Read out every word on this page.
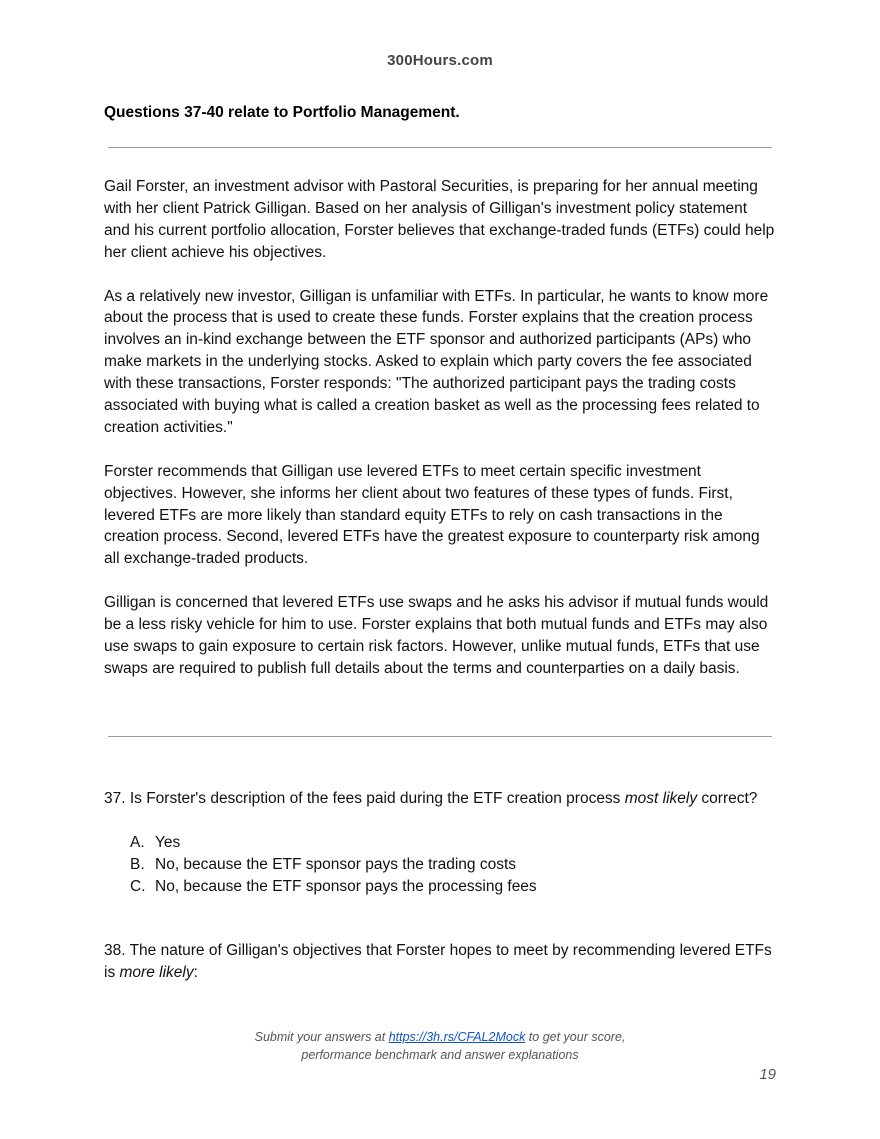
300Hours.com
Questions 37-40 relate to Portfolio Management.

Gail Forster, an investment advisor with Pastoral Securities, is preparing for her annual meeting with her client Patrick Gilligan. Based on her analysis of Gilligan's investment policy statement and his current portfolio allocation, Forster believes that exchange-traded funds (ETFs) could help her client achieve his objectives.

As a relatively new investor, Gilligan is unfamiliar with ETFs. In particular, he wants to know more about the process that is used to create these funds. Forster explains that the creation process involves an in-kind exchange between the ETF sponsor and authorized participants (APs) who make markets in the underlying stocks. Asked to explain which party covers the fee associated with these transactions, Forster responds: "The authorized participant pays the trading costs associated with buying what is called a creation basket as well as the processing fees related to creation activities."

Forster recommends that Gilligan use levered ETFs to meet certain specific investment objectives. However, she informs her client about two features of these types of funds. First, levered ETFs are more likely than standard equity ETFs to rely on cash transactions in the creation process. Second, levered ETFs have the greatest exposure to counterparty risk among all exchange-traded products.

Gilligan is concerned that levered ETFs use swaps and he asks his advisor if mutual funds would be a less risky vehicle for him to use. Forster explains that both mutual funds and ETFs may also use swaps to gain exposure to certain risk factors. However, unlike mutual funds, ETFs that use swaps are required to publish full details about the terms and counterparties on a daily basis.

37. Is Forster's description of the fees paid during the ETF creation process most likely correct?

A. Yes
B. No, because the ETF sponsor pays the trading costs
C. No, because the ETF sponsor pays the processing fees

38. The nature of Gilligan's objectives that Forster hopes to meet by recommending levered ETFs is more likely:

Submit your answers at https://3h.rs/CFAL2Mock to get your score,
performance benchmark and answer explanations
19
